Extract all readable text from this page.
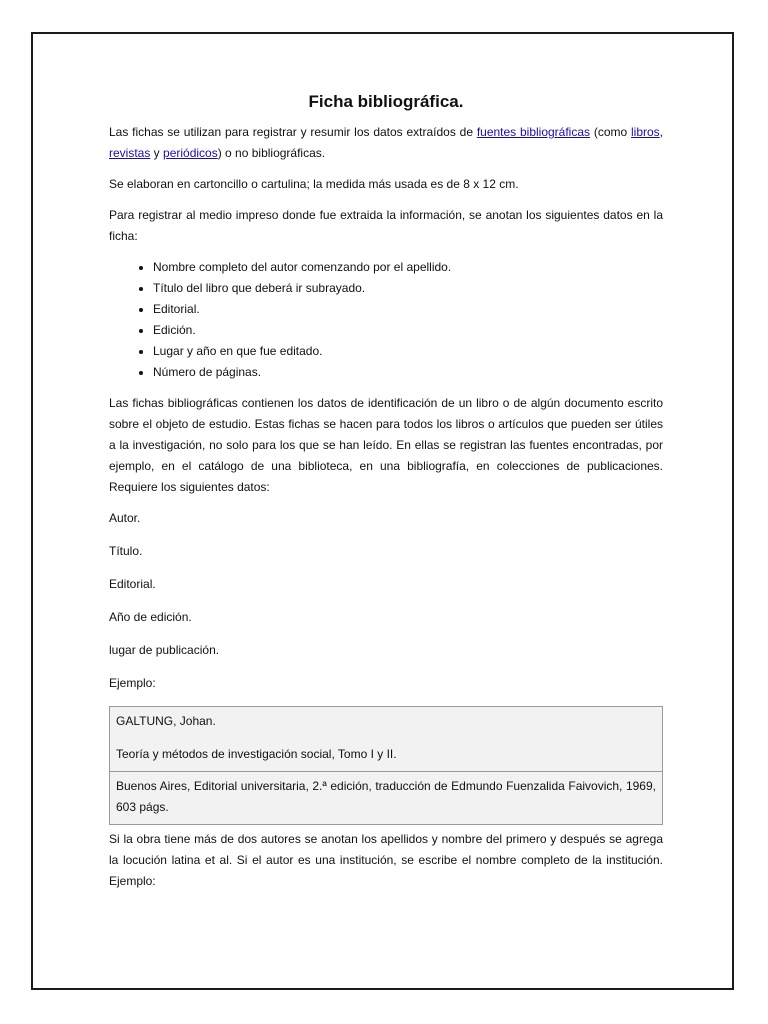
Ficha bibliográfica.

Las fichas se utilizan para registrar y resumir los datos extraídos de fuentes bibliográficas (como libros, revistas y periódicos) o no bibliográficas.

Se elaboran en cartoncillo o cartulina; la medida más usada es de 8 x 12 cm.

Para registrar al medio impreso donde fue extraida la información, se anotan los siguientes datos en la ficha:

• Nombre completo del autor comenzando por el apellido.
• Título del libro que deberá ir subrayado.
• Editorial.
• Edición.
• Lugar y año en que fue editado.
• Número de páginas.

Las fichas bibliográficas contienen los datos de identificación de un libro o de algún documento escrito sobre el objeto de estudio. Estas fichas se hacen para todos los libros o artículos que pueden ser útiles a la investigación, no solo para los que se han leído. En ellas se registran las fuentes encontradas, por ejemplo, en el catálogo de una biblioteca, en una bibliografía, en colecciones de publicaciones. Requiere los siguientes datos:

Autor.

Título.

Editorial.

Año de edición.

lugar de publicación.

Ejemplo:

GALTUNG, Johan.

Teoría y métodos de investigación social, Tomo I y II.

Buenos Aires, Editorial universitaria, 2.ª edición, traducción de Edmundo Fuenzalida Faivovich, 1969, 603 págs.

Si la obra tiene más de dos autores se anotan los apellidos y nombre del primero y después se agrega la locución latina et al. Si el autor es una institución, se escribe el nombre completo de la institución. Ejemplo:
